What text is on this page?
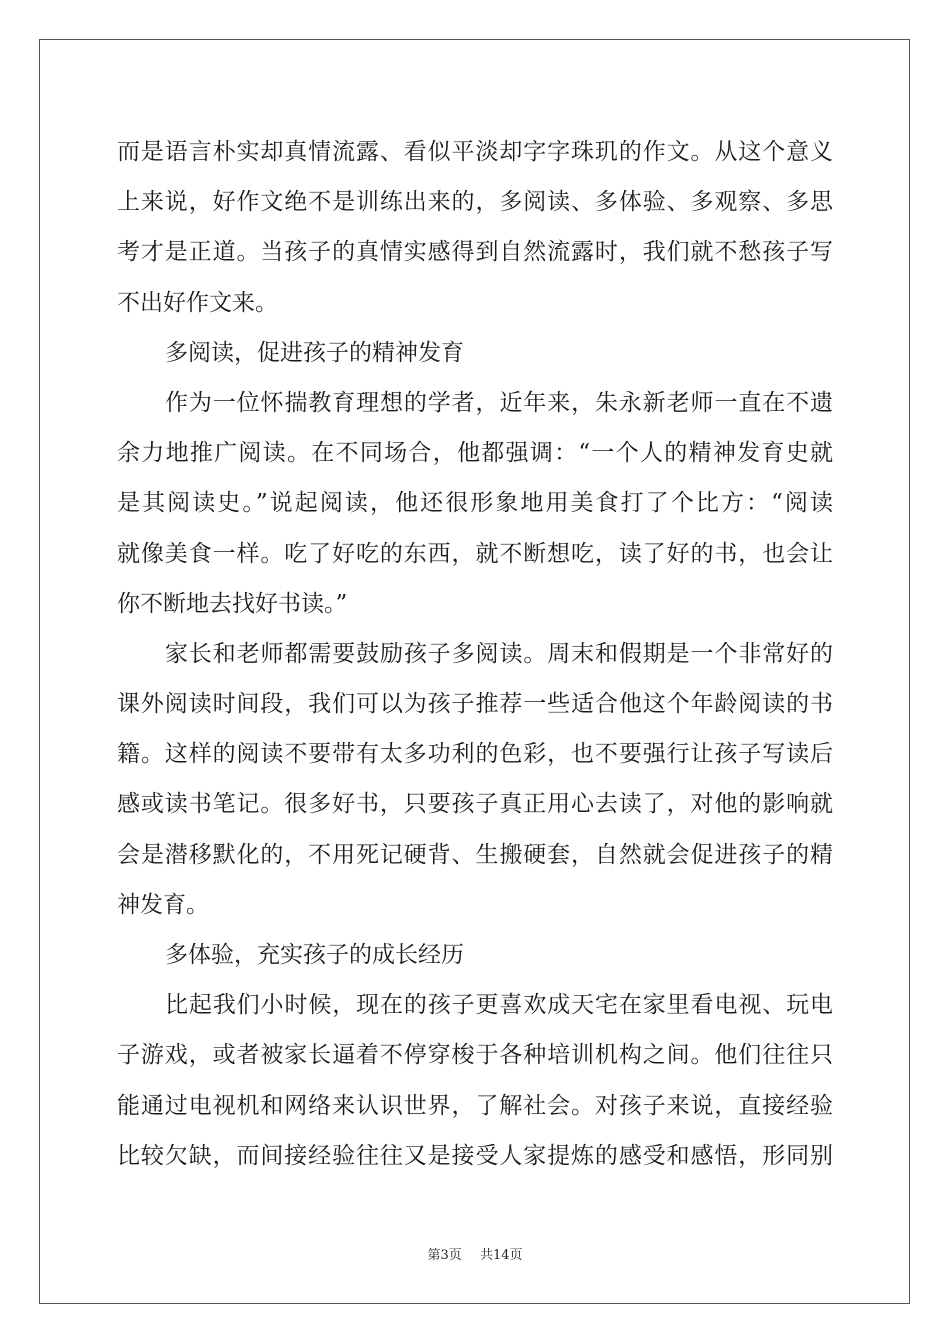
而是语言朴实却真情流露、看似平淡却字字珠玑的作文。从这个意义
上来说，好作文绝不是训练出来的，多阅读、多体验、多观察、多思
考才是正道。当孩子的真情实感得到自然流露时，我们就不愁孩子写
不出好作文来。
多阅读，促进孩子的精神发育
作为一位怀揣教育理想的学者，近年来，朱永新老师一直在不遗
余力地推广阅读。在不同场合，他都强调：“一个人的精神发育史就
是其阅读史。”说起阅读，他还很形象地用美食打了个比方：“阅读
就像美食一样。吃了好吃的东西，就不断想吃，读了好的书，也会让
你不断地去找好书读。”
家长和老师都需要鼓励孩子多阅读。周末和假期是一个非常好的
课外阅读时间段，我们可以为孩子推荐一些适合他这个年龄阅读的书
籍。这样的阅读不要带有太多功利的色彩，也不要强行让孩子写读后
感或读书笔记。很多好书，只要孩子真正用心去读了，对他的影响就
会是潜移默化的，不用死记硬背、生搬硬套，自然就会促进孩子的精
神发育。
多体验，充实孩子的成长经历
比起我们小时候，现在的孩子更喜欢成天宅在家里看电视、玩电
子游戏，或者被家长逼着不停穿梭于各种培训机构之间。他们往往只
能通过电视机和网络来认识世界，了解社会。对孩子来说，直接经验
比较欠缺，而间接经验往往又是接受人家提炼的感受和感悟，形同别
第3页 共14页
